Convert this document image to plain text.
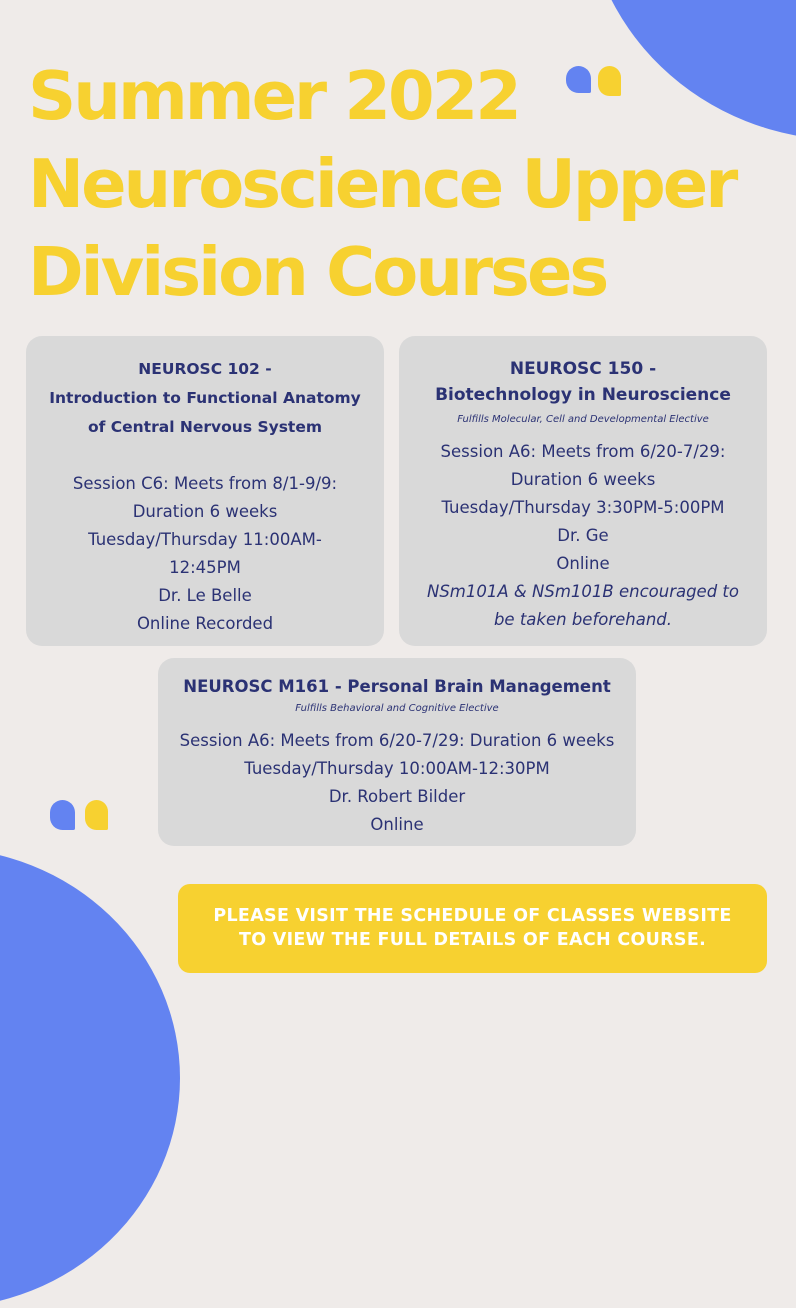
Summer 2022
Neuroscience Upper
Division Courses
NEUROSC 102 -
Introduction to Functional Anatomy
of Central Nervous System
Session C6: Meets from 8/1-9/9:
Duration 6 weeks
Tuesday/Thursday 11:00AM-
12:45PM
Dr. Le Belle
Online Recorded
NEUROSC 150 -
Biotechnology in Neuroscience
Fulfills Molecular, Cell and Developmental Elective
Session A6: Meets from 6/20-7/29:
Duration 6 weeks
Tuesday/Thursday 3:30PM-5:00PM
Dr. Ge
Online
NSm101A & NSm101B encouraged to
be taken beforehand.
NEUROSC M161 - Personal Brain Management
Fulfills Behavioral and Cognitive Elective
Session A6: Meets from 6/20-7/29: Duration 6 weeks
Tuesday/Thursday 10:00AM-12:30PM
Dr. Robert Bilder
Online
PLEASE VISIT THE SCHEDULE OF CLASSES WEBSITE
TO VIEW THE FULL DETAILS OF EACH COURSE.
